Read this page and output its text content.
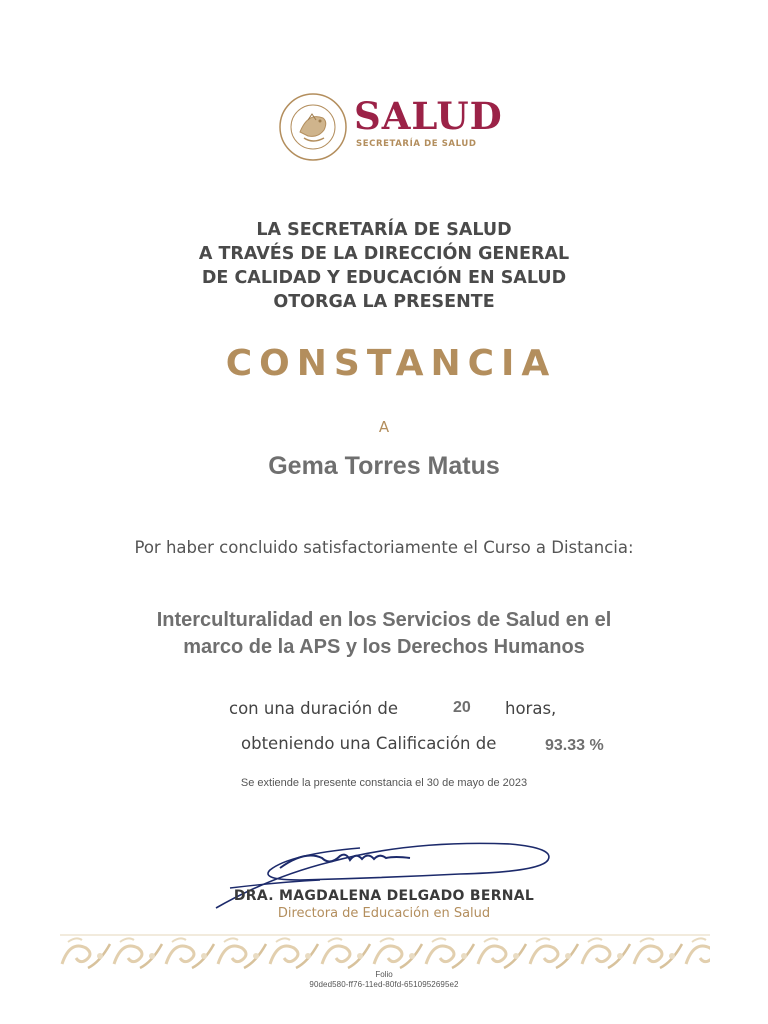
SALUD
SECRETARÍA DE SALUD
LA SECRETARÍA DE SALUD
A TRAVÉS DE LA DIRECCIÓN GENERAL
DE CALIDAD Y EDUCACIÓN EN SALUD
OTORGA LA PRESENTE
CONSTANCIA
A
Gema Torres Matus
Por haber concluido satisfactoriamente el Curso a Distancia:
Interculturalidad en los Servicios de Salud en el
marco de la APS y los Derechos Humanos
con una duración de	20 horas,
obteniendo una Calificación de	93.33 %
Se extiende la presente constancia el 30 de mayo de 2023
DRA. MAGDALENA DELGADO BERNAL
Directora de Educación en Salud
Folio
90ded580-ff76-11ed-80fd-6510952695e2
